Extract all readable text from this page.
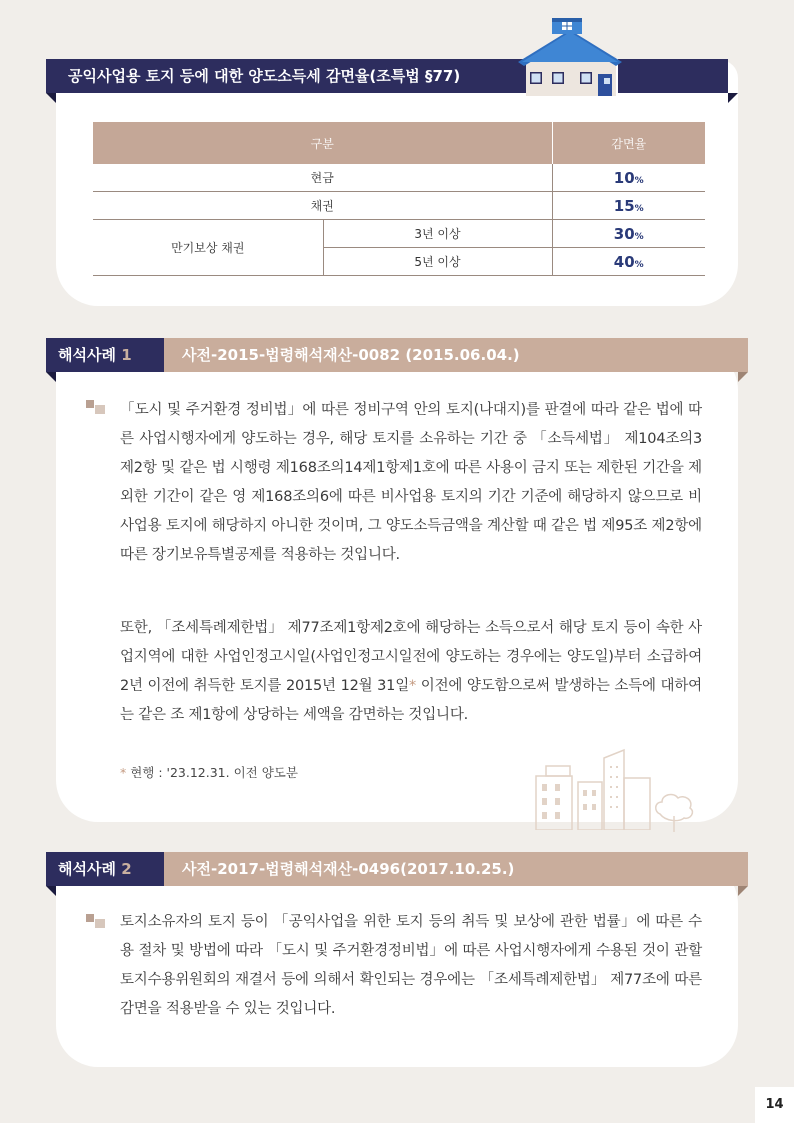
공익사업용 토지 등에 대한 양도소득세 감면율(조특법 §77)
구분		감면율
현금		10%
채권		15%
만기보상 채권	3년 이상	30%
	5년 이상	40%
해석사례 1	사전-2015-법령해석재산-0082 (2015.06.04.)
「도시 및 주거환경 정비법」에 따른 정비구역 안의 토지(나대지)를 판결에 따라 같은 법에 따른 사업시행자에게 양도하는 경우, 해당 토지를 소유하는 기간 중 「소득세법」 제104조의3제2항 및 같은 법 시행령 제168조의14제1항제1호에 따른 사용이 금지 또는 제한된 기간을 제외한 기간이 같은 영 제168조의6에 따른 비사업용 토지의 기간 기준에 해당하지 않으므로 비사업용 토지에 해당하지 아니한 것이며, 그 양도소득금액을 계산할 때 같은 법 제95조 제2항에 따른 장기보유특별공제를 적용하는 것입니다.
또한, 「조세특례제한법」 제77조제1항제2호에 해당하는 소득으로서 해당 토지 등이 속한 사업지역에 대한 사업인정고시일(사업인정고시일전에 양도하는 경우에는 양도일)부터 소급하여 2년 이전에 취득한 토지를 2015년 12월 31일* 이전에 양도함으로써 발생하는 소득에 대하여는 같은 조 제1항에 상당하는 세액을 감면하는 것입니다.
* 현행 : '23.12.31. 이전 양도분
해석사례 2	사전-2017-법령해석재산-0496(2017.10.25.)
토지소유자의 토지 등이 「공익사업을 위한 토지 등의 취득 및 보상에 관한 법률」에 따른 수용 절차 및 방법에 따라 「도시 및 주거환경정비법」에 따른 사업시행자에게 수용된 것이 관할 토지수용위원회의 재결서 등에 의해서 확인되는 경우에는 「조세특례제한법」 제77조에 따른 감면을 적용받을 수 있는 것입니다.
14
